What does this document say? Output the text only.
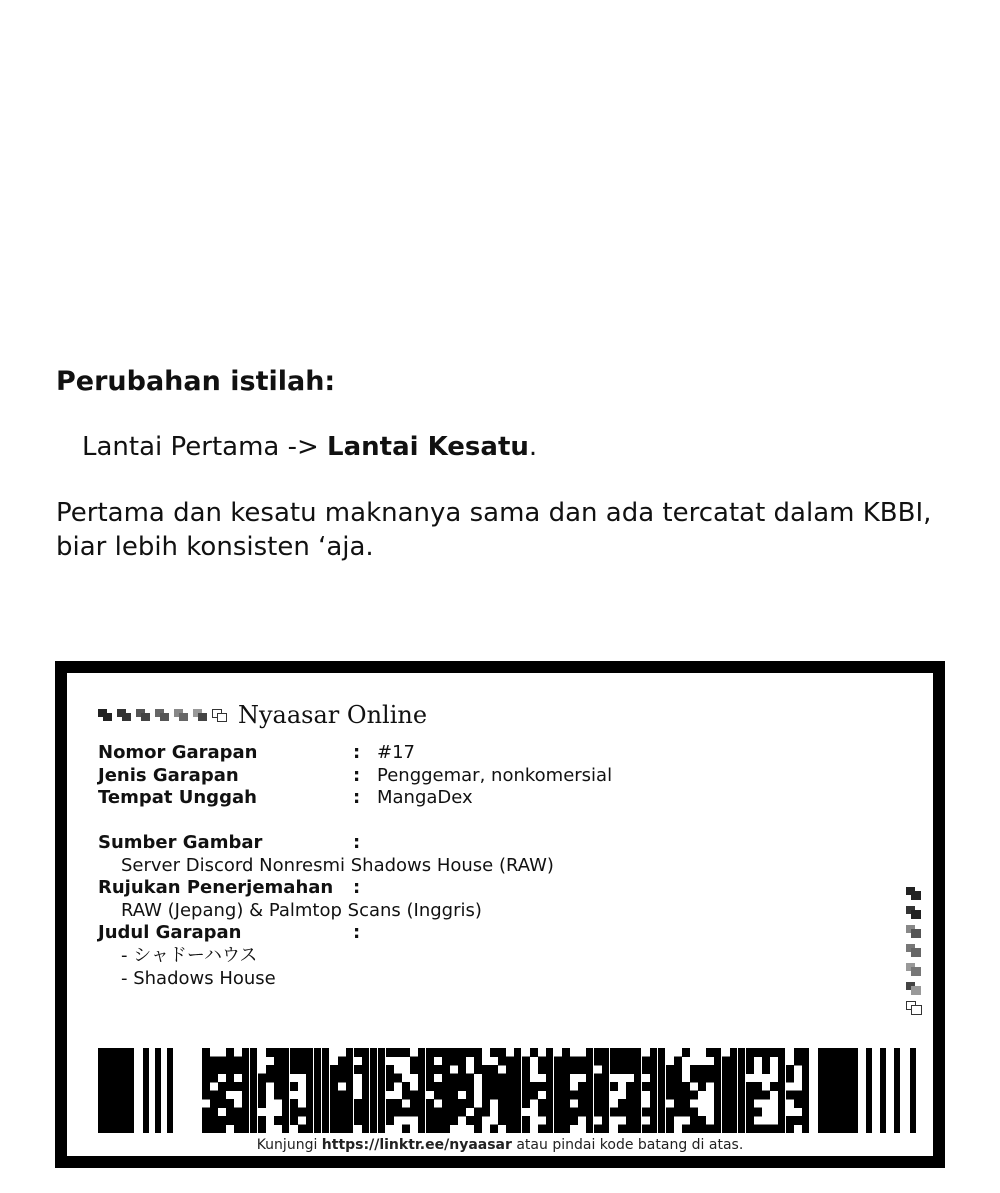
Perubahan istilah:
Lantai Pertama -> Lantai Kesatu.
Pertama dan kesatu maknanya sama dan ada tercatat dalam KBBI, biar lebih konsisten ‘aja.
Nyaasar Online
Nomor Garapan	: #17
Jenis Garapan	: Penggemar, nonkomersial
Tempat Unggah	: MangaDex
Sumber Gambar	:
Server Discord Nonresmi Shadows House (RAW)
Rujukan Penerjemahan :
RAW (Jepang) & Palmtop Scans (Inggris)
Judul Garapan	:
- シャドーハウス
- Shadows House
Kunjungi https://linktr.ee/nyaasar atau pindai kode batang di atas.
